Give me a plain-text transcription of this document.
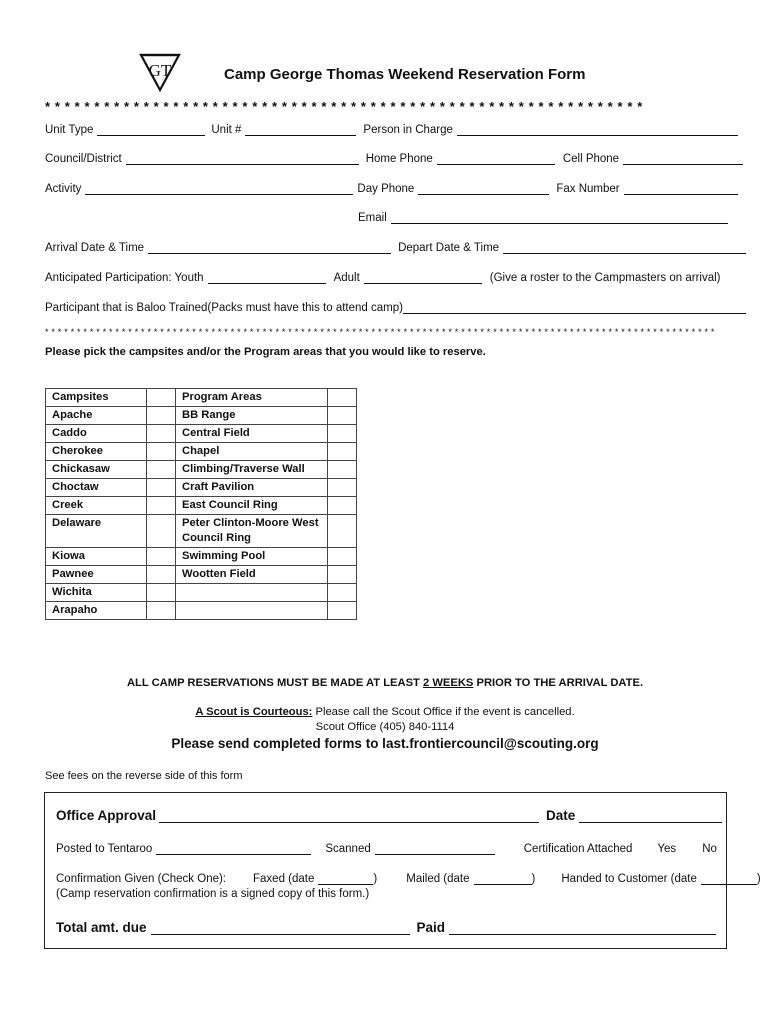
GT	Camp George Thomas Weekend Reservation Form
* * * * * * * * * * * * * * * * * * * * * * * * * * * * * * * * * * * * * * * * * * * * * * * * * * * * * * * * * * * * *
Unit Type	Unit #	Person in Charge
Council/District	Home Phone	Cell Phone
Activity	Day Phone	Fax Number
Email
Arrival Date & Time	Depart Date & Time
Anticipated Participation: Youth	Adult	(Give a roster to the Campmasters on arrival)
Participant that is Baloo Trained(Packs must have this to attend camp)
* * * * * * * * * * * * * * * * * * * * * * * * * * * * * * * * * * * * * * * * * * * * * * * * * * * * * * * * * * * * * * * * * * * * * * * * * * * * * * * * * * * * * * * * * * * * * * * * * * * * * * * * *
Please pick the campsites and/or the Program areas that you would like to reserve.
Campsites		Program Areas	
Apache		BB Range	
Caddo		Central Field	
Cherokee		Chapel	
Chickasaw		Climbing/Traverse Wall	
Choctaw		Craft Pavilion	
Creek		East Council Ring	
Delaware		Peter Clinton-Moore West Council Ring	
Kiowa		Swimming Pool	
Pawnee		Wootten Field	
Wichita			
Arapaho			
ALL CAMP RESERVATIONS MUST BE MADE AT LEAST 2 WEEKS PRIOR TO THE ARRIVAL DATE.
A Scout is Courteous: Please call the Scout Office if the event is cancelled.
Scout Office (405) 840-1114
Please send completed forms to last.frontiercouncil@scouting.org
See fees on the reverse side of this form
Office Approval	Date
Posted to Tentaroo	Scanned	Certification Attached Yes No
Confirmation Given (Check One): Faxed (date	)	Mailed (date	) Handed to Customer (date	)
(Camp reservation confirmation is a signed copy of this form.)
Total amt. due	Paid
